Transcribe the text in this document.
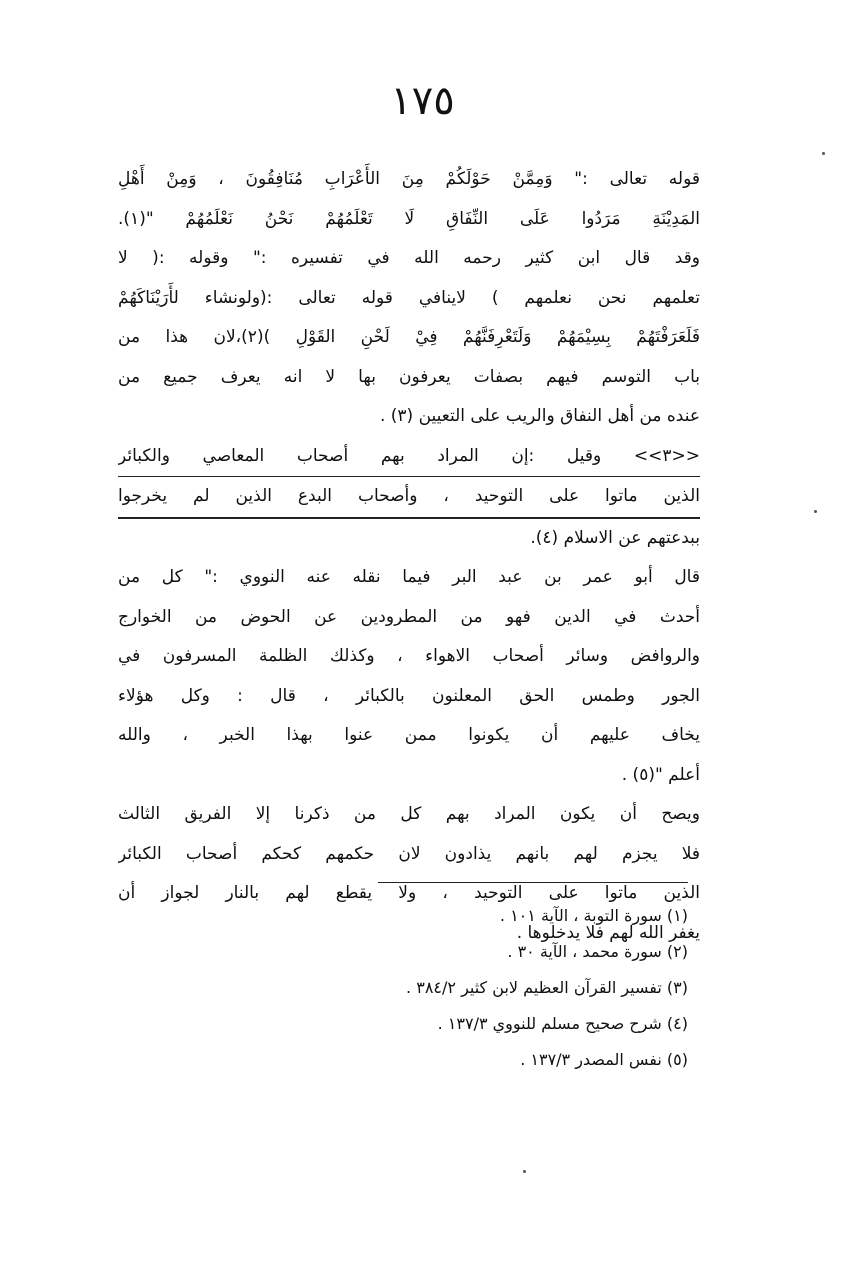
١٧٥
قوله تعالى :" وَمِمَّنْ حَوْلَكُمْ مِنَ الأَعْرَابِ مُنَافِقُونَ ، وَمِنْ أَهْلِ
المَدِيْنَةِ مَرَدُوا عَلَى النِّفَاقِ لَا تَعْلَمُهُمْ نَحْنُ نَعْلَمُهُمْ "(١).
وقد قال ابن كثير رحمه الله في تفسيره :" وقوله :( لا
تعلمهم نحن نعلمهم ) لاينافي قوله تعالى :(ولونشاء لأَرَيْنَاكَهُمْ
فَلَعَرَفْتَهُمْ بِسِيْمَهُمْ وَلَتَعْرِفَنَّهُمْ فِيْ لَحْنِ القَوْلِ )(٢)،لان هذا من
باب التوسم فيهم بصفات يعرفون بها لا انه يعرف جميع من
عنده من أهل النفاق والريب على التعيين (٣) .
<<٣>> وقيل :إن المراد بهم أصحاب المعاصي والكبائر
الذين ماتوا على التوحيد ، وأصحاب البدع الذين لم يخرجوا
ببدعتهم عن الاسلام (٤).
قال أبو عمر بن عبد البر فيما نقله عنه النووي :" كل من
أحدث في الدين فهو من المطرودين عن الحوض من الخوارج
والروافض وسائر أصحاب الاهواء ، وكذلك الظلمة المسرفون في
الجور وطمس الحق المعلنون بالكبائر ، قال : وكل هؤلاء
يخاف عليهم أن يكونوا ممن عنوا بهذا الخبر ، والله
أعلم "(٥) .
ويصح أن يكون المراد بهم كل من ذكرنا إلا الفريق الثالث
فلا يجزم لهم بانهم يذادون لان حكمهم كحكم أصحاب الكبائر
الذين ماتوا على التوحيد ، ولا يقطع لهم بالنار لجواز أن
يغفر الله لهم فلا يدخلوها .
(١) سورة التوبة ، الآية ١٠١ .
(٢) سورة محمد ، الآية ٣٠ .
(٣) تفسير القرآن العظيم لابن كثير ٣٨٤/٢ .
(٤) شرح صحيح مسلم للنووي ١٣٧/٣ .
(٥) نفس المصدر ١٣٧/٣ .
